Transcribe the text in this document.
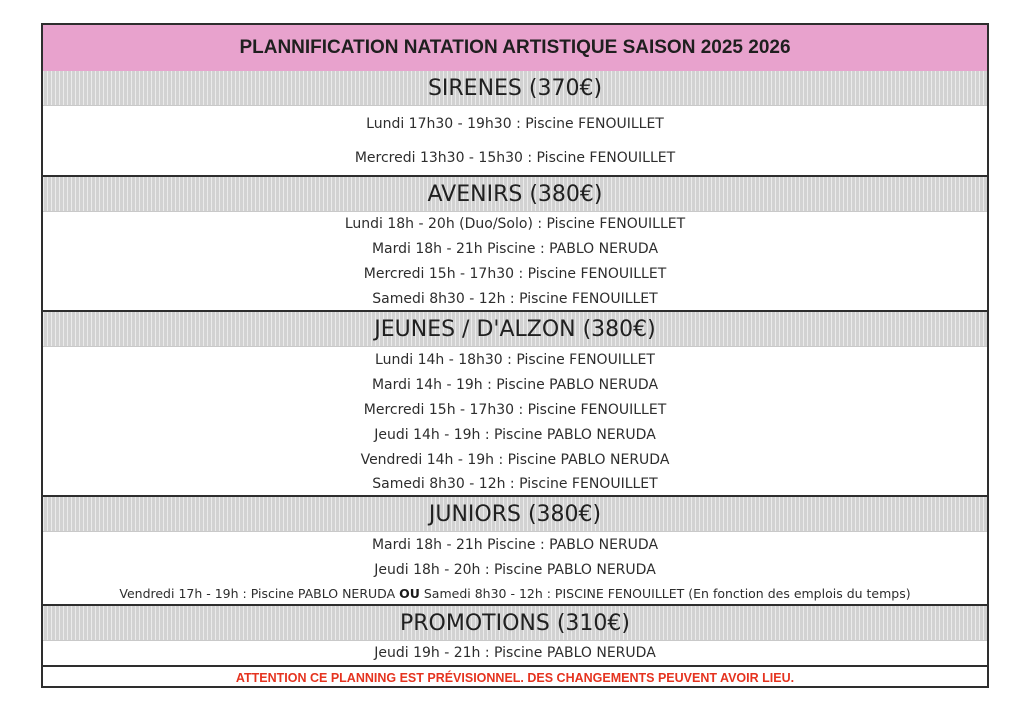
PLANNIFICATION NATATION ARTISTIQUE SAISON 2025 2026
SIRENES (370€)
Lundi 17h30 - 19h30 : Piscine FENOUILLET
Mercredi 13h30 - 15h30 : Piscine FENOUILLET
AVENIRS (380€)
Lundi 18h - 20h (Duo/Solo) : Piscine FENOUILLET
Mardi 18h - 21h Piscine : PABLO NERUDA
Mercredi 15h - 17h30 : Piscine FENOUILLET
Samedi 8h30 - 12h : Piscine FENOUILLET
JEUNES / D'ALZON (380€)
Lundi 14h - 18h30 : Piscine FENOUILLET
Mardi 14h - 19h : Piscine PABLO NERUDA
Mercredi 15h - 17h30 : Piscine FENOUILLET
Jeudi 14h - 19h : Piscine PABLO NERUDA
Vendredi 14h - 19h : Piscine PABLO NERUDA
Samedi 8h30 - 12h : Piscine FENOUILLET
JUNIORS (380€)
Mardi 18h - 21h Piscine : PABLO NERUDA
Jeudi 18h - 20h : Piscine PABLO NERUDA
Vendredi 17h - 19h : Piscine PABLO NERUDA OU Samedi 8h30 - 12h : PISCINE FENOUILLET (En fonction des emplois du temps)
PROMOTIONS (310€)
Jeudi 19h - 21h : Piscine PABLO NERUDA
ATTENTION CE PLANNING EST PRÉVISIONNEL. DES CHANGEMENTS PEUVENT AVOIR LIEU.
